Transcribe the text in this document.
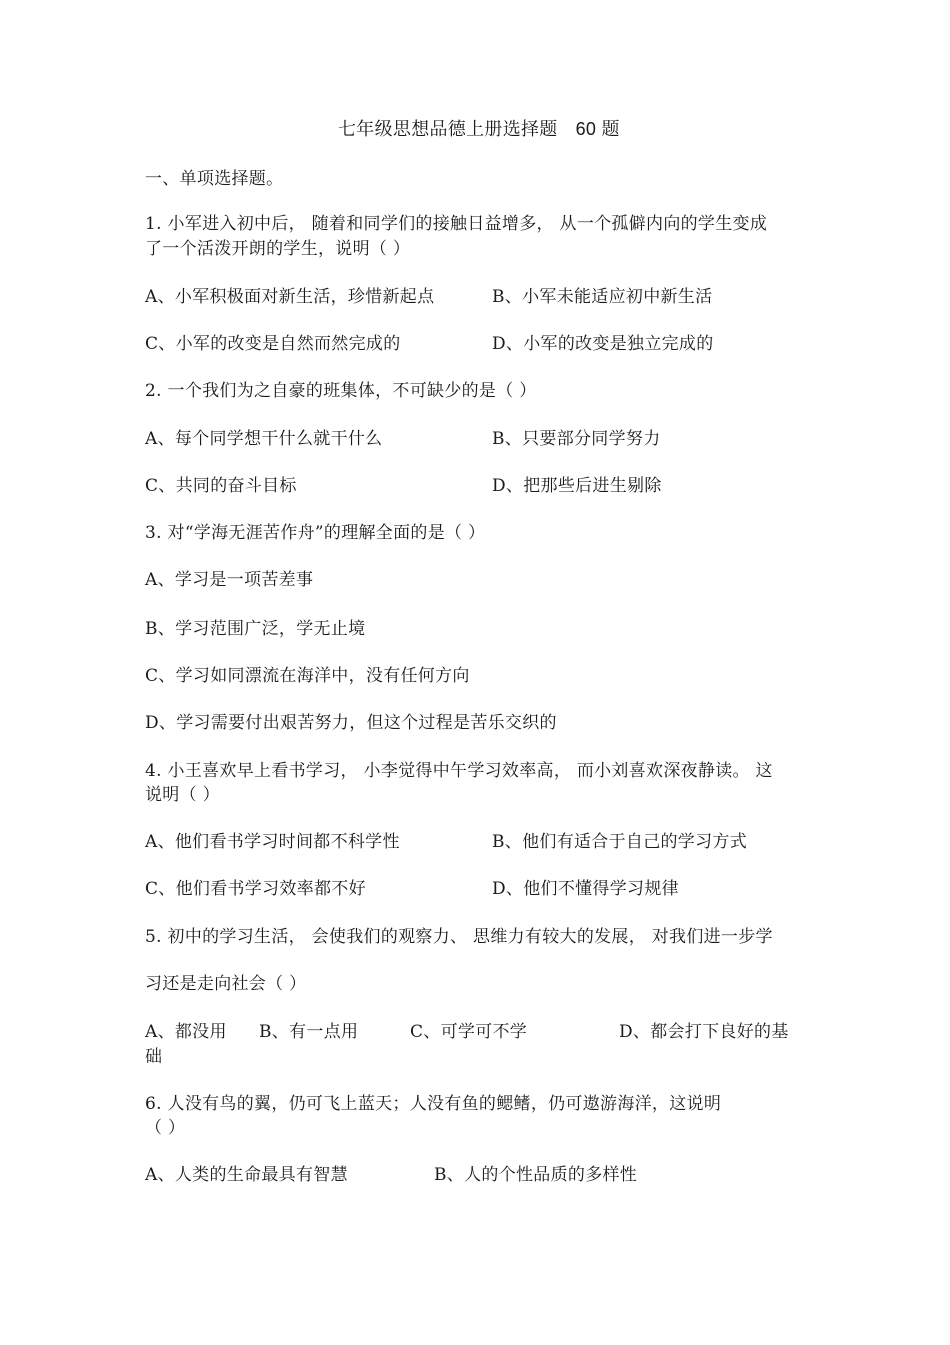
七年级思想品德上册选择题 60 题
一、单项选择题。
1. 小军进入初中后， 随着和同学们的接触日益增多， 从一个孤僻内向的学生变成
了一个活泼开朗的学生，说明（ ）
A、小军积极面对新生活，珍惜新起点	B、小军未能适应初中新生活
C、小军的改变是自然而然完成的	D、小军的改变是独立完成的
2. 一个我们为之自豪的班集体，不可缺少的是（ ）
A、每个同学想干什么就干什么	B、只要部分同学努力
C、共同的奋斗目标	D、把那些后进生剔除
3. 对“学海无涯苦作舟”的理解全面的是（ ）
A、学习是一项苦差事
B、学习范围广泛，学无止境
C、学习如同漂流在海洋中，没有任何方向
D、学习需要付出艰苦努力，但这个过程是苦乐交织的
4. 小王喜欢早上看书学习， 小李觉得中午学习效率高， 而小刘喜欢深夜静读。 这
说明（ ）
A、他们看书学习时间都不科学性	B、他们有适合于自己的学习方式
C、他们看书学习效率都不好	D、他们不懂得学习规律
5. 初中的学习生活， 会使我们的观察力、 思维力有较大的发展， 对我们进一步学
习还是走向社会（ ）
A、都没用 B、有一点用	C、可学可不学	D、都会打下良好的基
础
6. 人没有鸟的翼，仍可飞上蓝天；人没有鱼的鳃鳍，仍可遨游海洋，这说明
（ ）
A、人类的生命最具有智慧	B、人的个性品质的多样性
